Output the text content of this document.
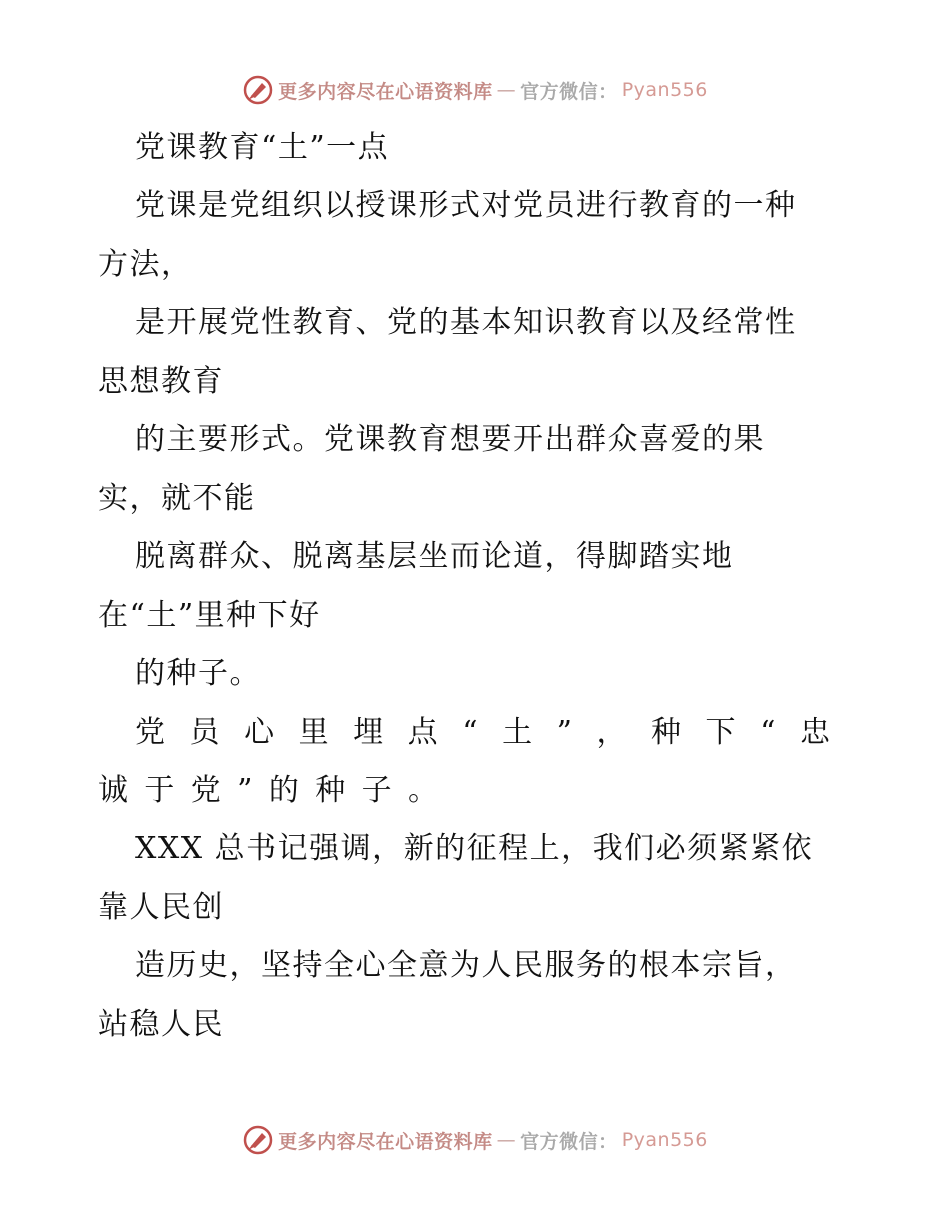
更多内容尽在心语资料库 — 官方微信： Pyan556
党课教育“土”一点
党课是党组织以授课形式对党员进行教育的一种
方法，
是开展党性教育、党的基本知识教育以及经常性
思想教育
的主要形式。党课教育想要开出群众喜爱的果
实，就不能
脱离群众、脱离基层坐而论道，得脚踏实地
在“土”里种下好
的种子。
党 员 心 里 埋 点 “ 土 ” ， 种 下 “ 忠
诚 于 党 ” 的 种 子 。
XXX 总书记强调，新的征程上，我们必须紧紧依
靠人民创
造历史，坚持全心全意为人民服务的根本宗旨，
站稳人民
更多内容尽在心语资料库 — 官方微信： Pyan556
